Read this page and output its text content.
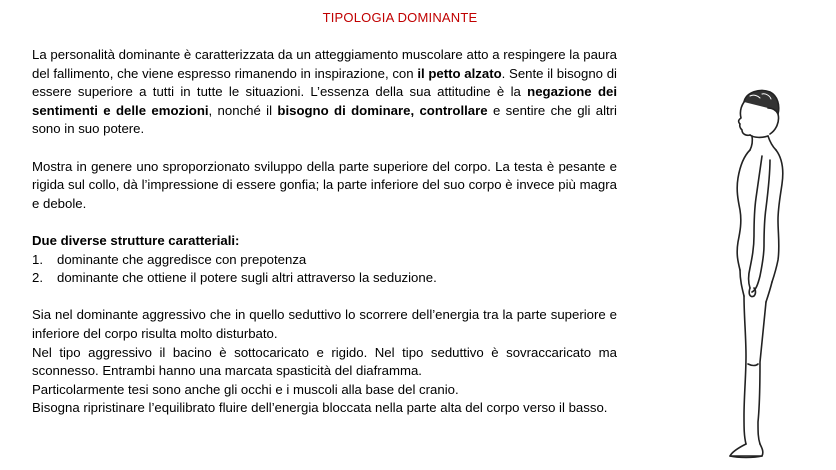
TIPOLOGIA DOMINANTE

La personalità dominante è caratterizzata da un atteggiamento muscolare atto a respingere la paura del fallimento, che viene espresso rimanendo in inspirazione, con il petto alzato. Sente il bisogno di essere superiore a tutti in tutte le situazioni. L’essenza della sua attitudine è la negazione dei sentimenti e delle emozioni, nonché il bisogno di dominare, controllare e sentire che gli altri sono in suo potere.

Mostra in genere uno sproporzionato sviluppo della parte superiore del corpo. La testa è pesante e rigida sul collo, dà l’impressione di essere gonfia; la parte inferiore del suo corpo è invece più magra e debole.

Due diverse strutture caratteriali:

1.	dominante che aggredisce con prepotenza
2.	dominante che ottiene il potere sugli altri attraverso la seduzione.

Sia nel dominante aggressivo che in quello seduttivo lo scorrere dell’energia tra la parte superiore e inferiore del corpo risulta molto disturbato.

Nel tipo aggressivo il bacino è sottocaricato e rigido. Nel tipo seduttivo è sovraccaricato ma sconnesso. Entrambi hanno una marcata spasticità del diaframma.

Particolarmente tesi sono anche gli occhi e i muscoli alla base del cranio.

Bisogna ripristinare l’equilibrato fluire dell’energia bloccata nella parte alta del corpo verso il basso.
